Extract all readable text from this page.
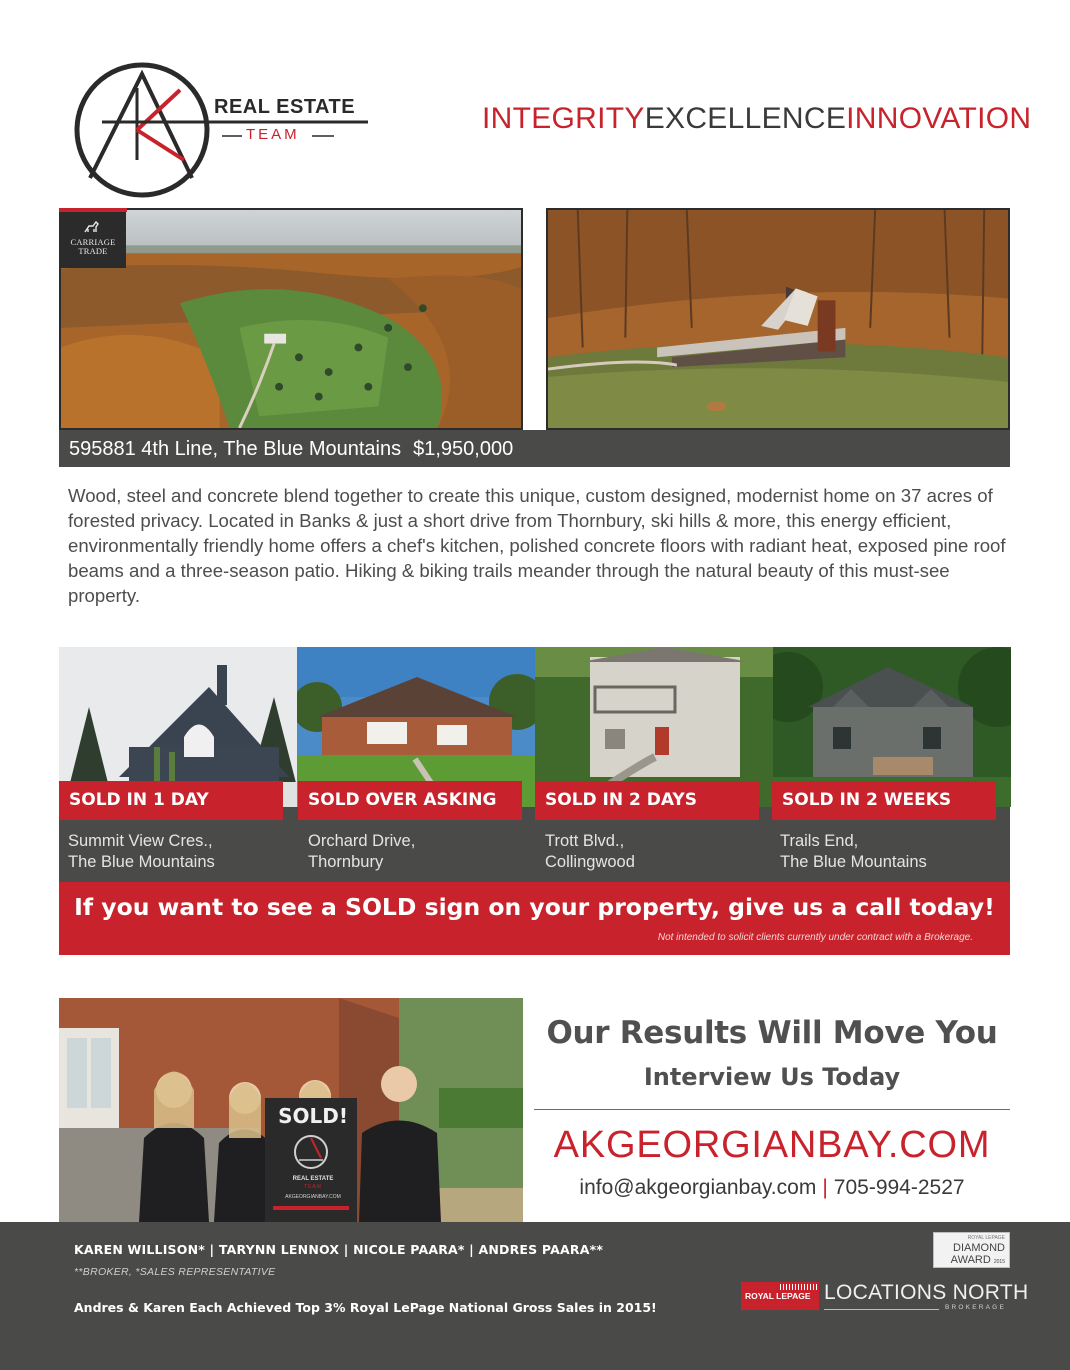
REAL ESTATE
TEAM	INTEGRITYEXCELLENCEINNOVATION
CARRIAGE
TRADE
595881 4th Line, The Blue Mountains $1,950,000
Wood, steel and concrete blend together to create this unique, custom designed, modernist home on 37 acres of forested privacy. Located in Banks & just a short drive from Thornbury, ski hills & more, this energy efficient, environmentally friendly home offers a chef's kitchen, polished concrete floors with radiant heat, exposed pine roof beams and a three-season patio. Hiking & biking trails meander through the natural beauty of this must-see property.
SOLD IN 1 DAY	SOLD OVER ASKING	SOLD IN 2 DAYS	SOLD IN 2 WEEKS
Summit View Cres.,
The Blue Mountains
Orchard Drive,
Thornbury
Trott Blvd.,
Collingwood
Trails End,
The Blue Mountains
If you want to see a SOLD sign on your property, give us a call today!
Not intended to solicit clients currently under contract with a Brokerage.
SOLD!
REAL ESTATE
TEAM
AKGEORGIANBAY.COM
Our Results Will Move You
Interview Us Today
AKGEORGIANBAY.COM
info@akgeorgianbay.com | 705-994-2527
KAREN WILLISON* | TARYNN LENNOX | NICOLE PAARA* | ANDRES PAARA**
**BROKER, *SALES REPRESENTATIVE
Andres & Karen Each Achieved Top 3% Royal LePage National Gross Sales in 2015!
ROYAL LEPAGE
DIAMOND
AWARD 2015
ROYAL LEPAGE LOCATIONS NORTH
BROKERAGE
